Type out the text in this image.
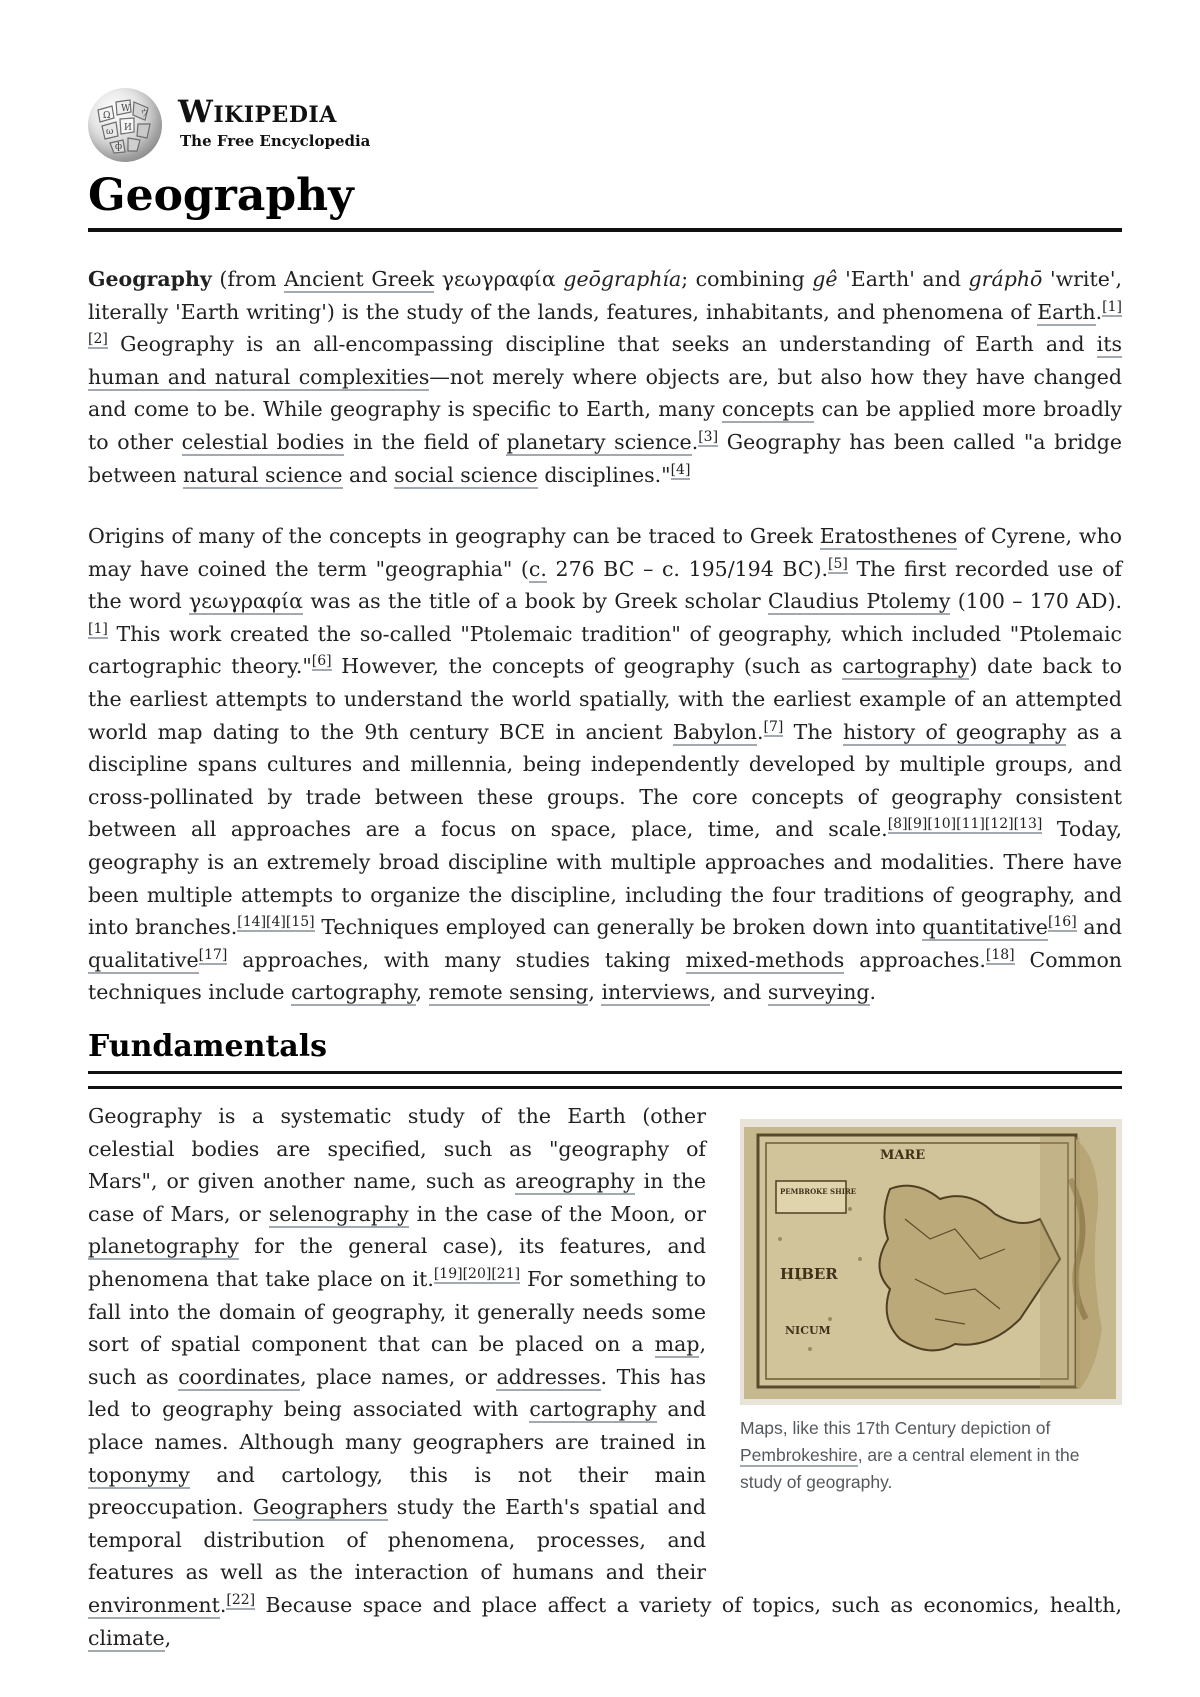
Ω
W
И
ω
ウ
ф
Wikipedia
The Free Encyclopedia
Geography

Geography (from Ancient Greek γεωγραφία geōgraphía; combining gê 'Earth' and gráphō 'write', literally 'Earth writing') is the study of the lands, features, inhabitants, and phenomena of Earth.[1][2] Geography is an all-encompassing discipline that seeks an understanding of Earth and its human and natural complexities—not merely where objects are, but also how they have changed and come to be. While geography is specific to Earth, many concepts can be applied more broadly to other celestial bodies in the field of planetary science.[3] Geography has been called "a bridge between natural science and social science disciplines."[4]

Origins of many of the concepts in geography can be traced to Greek Eratosthenes of Cyrene, who may have coined the term "geographia" (c. 276 BC – c. 195/194 BC).[5] The first recorded use of the word γεωγραφία was as the title of a book by Greek scholar Claudius Ptolemy (100 – 170 AD).[1] This work created the so-called "Ptolemaic tradition" of geography, which included "Ptolemaic cartographic theory."[6] However, the concepts of geography (such as cartography) date back to the earliest attempts to understand the world spatially, with the earliest example of an attempted world map dating to the 9th century BCE in ancient Babylon.[7] The history of geography as a discipline spans cultures and millennia, being independently developed by multiple groups, and cross-pollinated by trade between these groups. The core concepts of geography consistent between all approaches are a focus on space, place, time, and scale.[8][9][10][11][12][13] Today, geography is an extremely broad discipline with multiple approaches and modalities. There have been multiple attempts to organize the discipline, including the four traditions of geography, and into branches.[14][4][15] Techniques employed can generally be broken down into quantitative[16] and qualitative[17] approaches, with many studies taking mixed-methods approaches.[18] Common techniques include cartography, remote sensing, interviews, and surveying.

Fundamentals

Geography is a systematic study of the Earth (other celestial bodies are specified, such as "geography of Mars", or given another name, such as areography in the case of Mars, or selenography in the case of the Moon, or planetography for the general case), its features, and phenomena that take place on it.[19][20][21] For something to fall into the domain of geography, it generally needs some sort of spatial component that can be placed on a map, such as coordinates, place names, or addresses. This has led to geography being associated with cartography and place names. Although many geographers are trained in toponymy and cartology, this is not their main preoccupation. Geographers study the Earth's spatial and temporal distribution of phenomena, processes, and features as well as the interaction of humans and their environment.[22] Because space and place affect a variety of topics, such as economics, health, climate,

PEMBROKE SHIRE
MARE
HIBER
NICUM
Maps, like this 17th Century depiction of Pembrokeshire, are a central element in the study of geography.
